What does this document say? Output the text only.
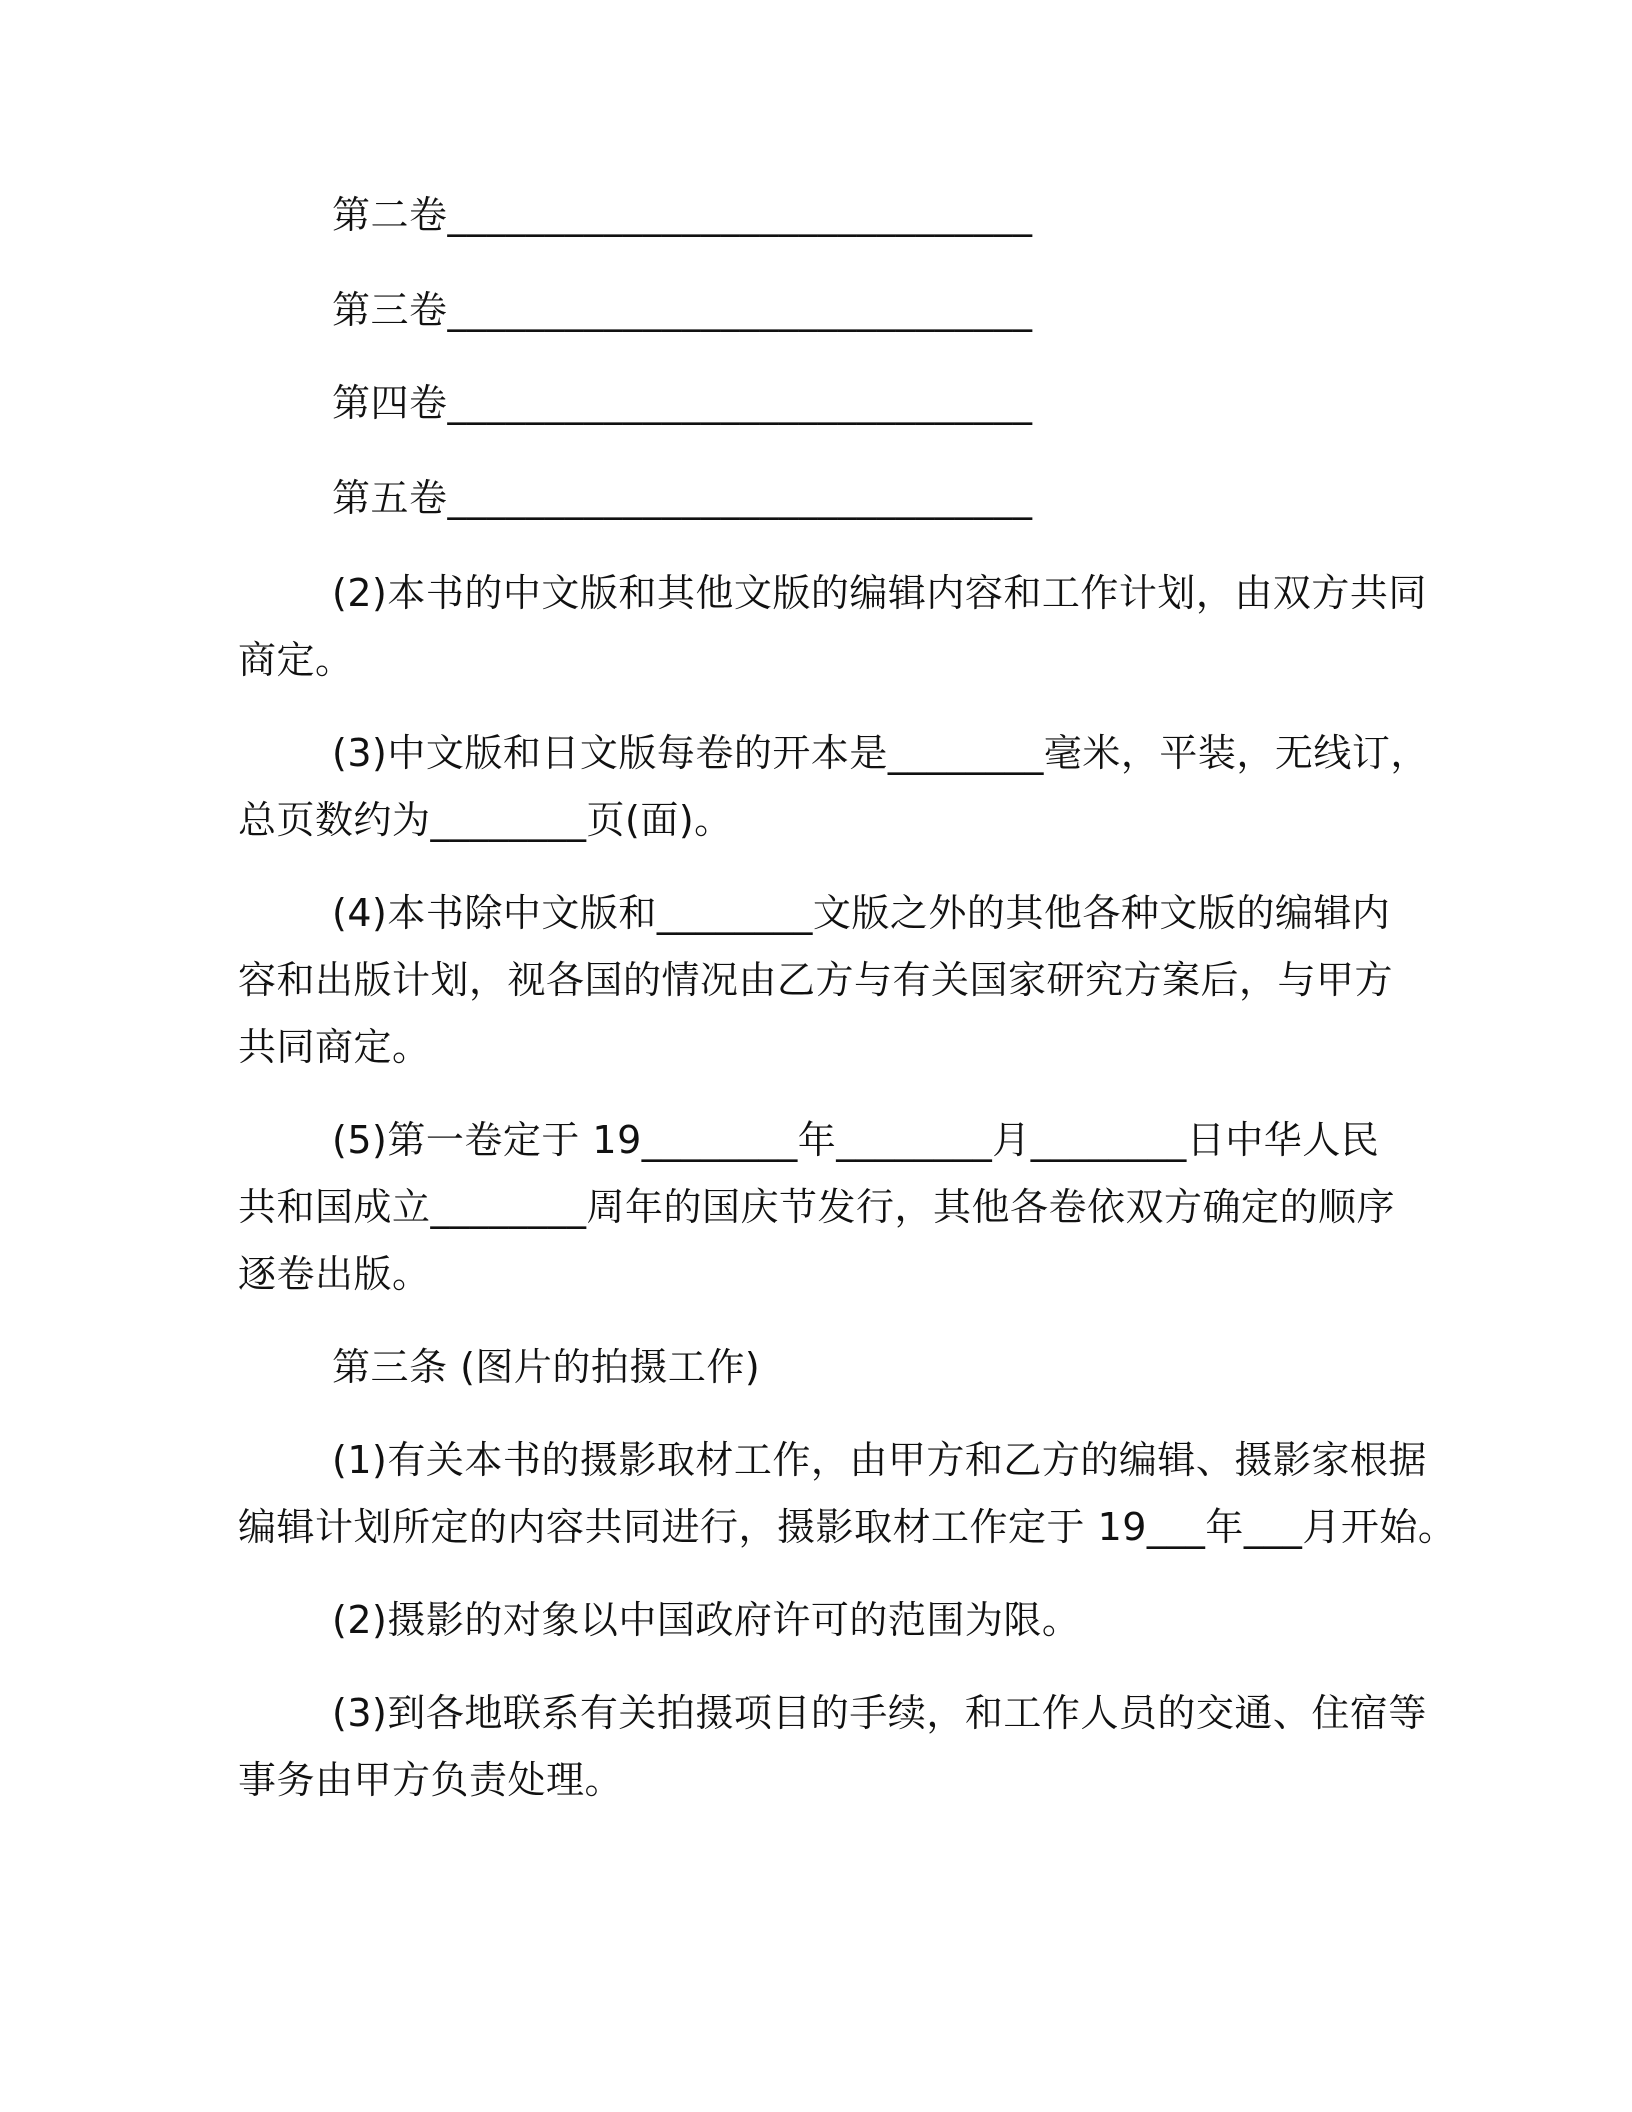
第二卷______________________________
第三卷______________________________
第四卷______________________________
第五卷______________________________
(2)本书的中文版和其他文版的编辑内容和工作计划，由双方共同
商定。
(3)中文版和日文版每卷的开本是________毫米，平装，无线订，
总页数约为________页(面)。
(4)本书除中文版和________文版之外的其他各种文版的编辑内
容和出版计划，视各国的情况由乙方与有关国家研究方案后，与甲方
共同商定。
(5)第一卷定于 19________年________月________日中华人民
共和国成立________周年的国庆节发行，其他各卷依双方确定的顺序
逐卷出版。
第三条 (图片的拍摄工作)
(1)有关本书的摄影取材工作，由甲方和乙方的编辑、摄影家根据
编辑计划所定的内容共同进行，摄影取材工作定于 19___年___月开始。
(2)摄影的对象以中国政府许可的范围为限。
(3)到各地联系有关拍摄项目的手续，和工作人员的交通、住宿等
事务由甲方负责处理。
